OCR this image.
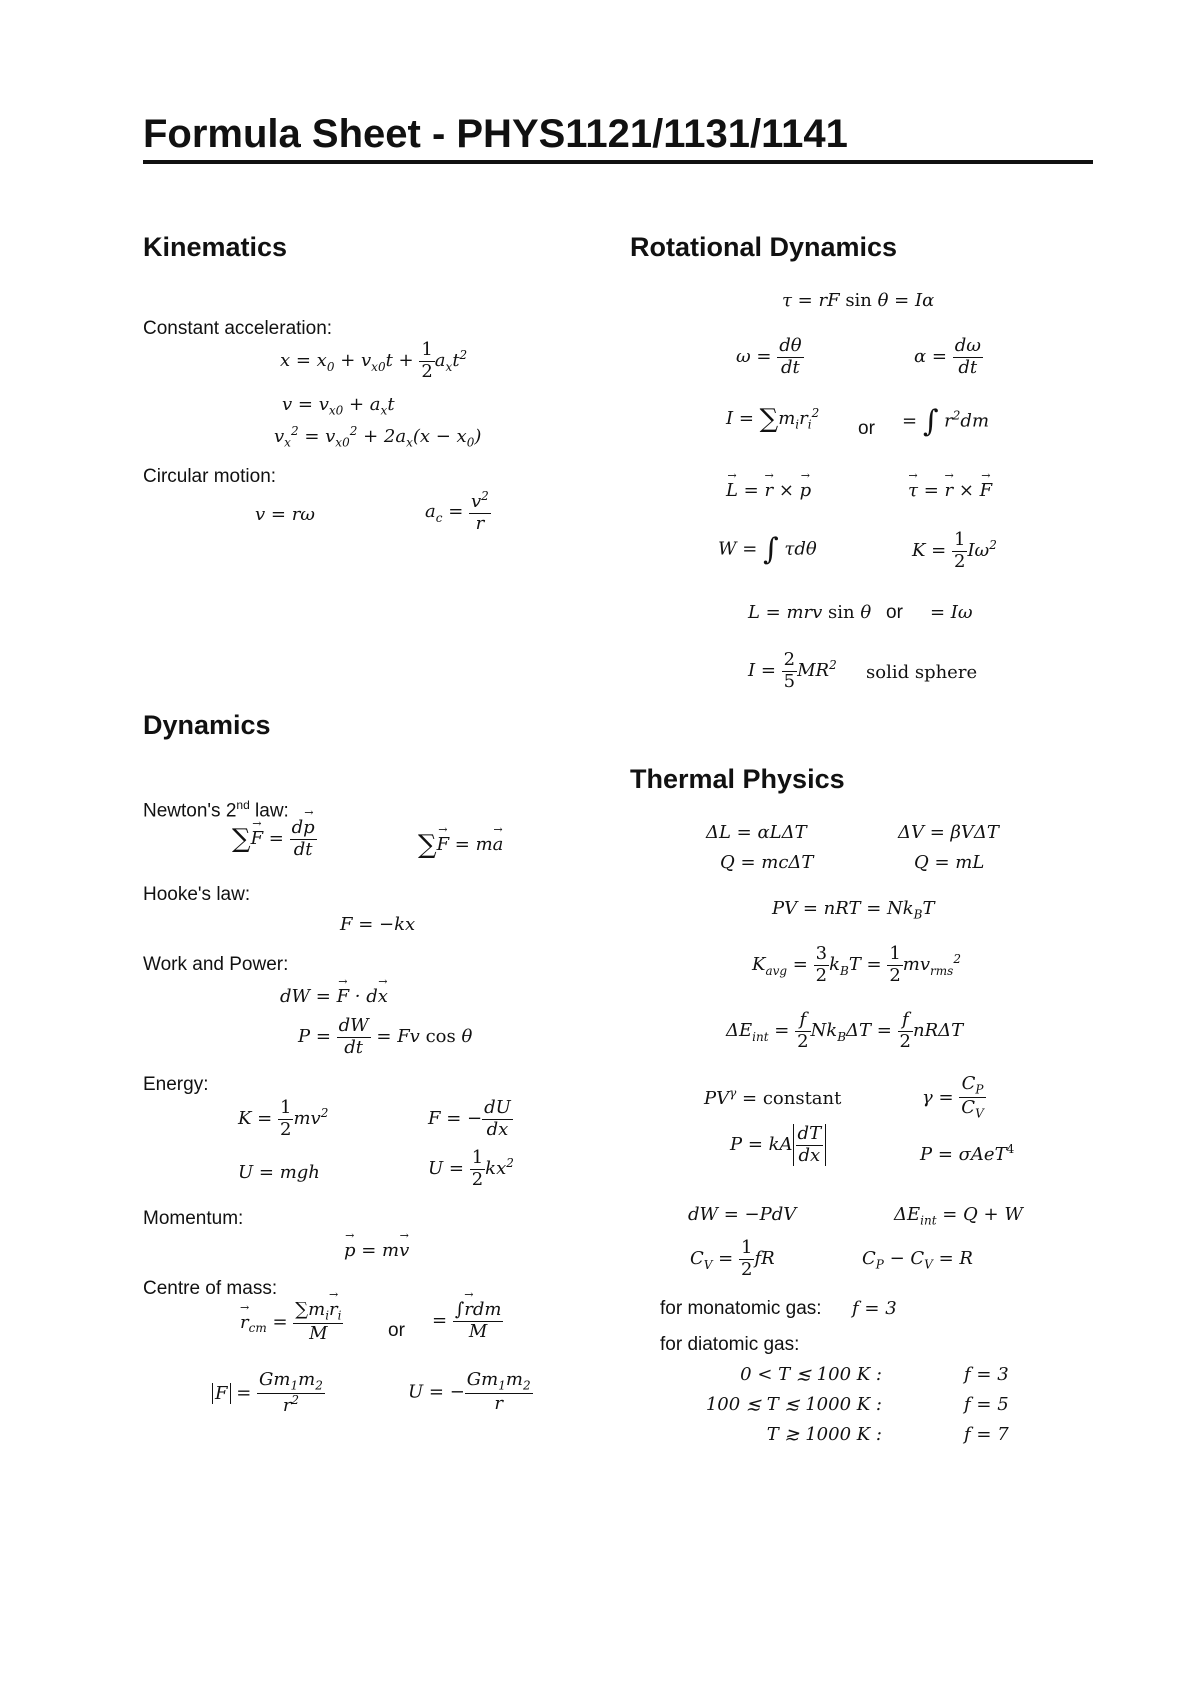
Formula Sheet - PHYS1121/1131/1141
Kinematics
Constant acceleration:
$x = x_0 + v_{x0}t + \frac{1}{2} a_xt^2$
$v = v_{x0} + a_xt$
$v_x^2 = v_{x0}^2 + 2a_x(x - x_0)$
Circular motion:
v = rω	$a_c = \frac{v^2}{r}$
Dynamics
Newton's 2nd law:
∑→ $F = \frac{d\to p}{dt}$	∑→ F = m→ a
Hooke's law:
F = −kx
Work and Power:
dW = → F · d→ x
$P = \frac{dW}{dt} = Fv$ cos θ
Energy:
$K = \frac{1}{2} mv^2$	F = − $\frac{dU}{dx}$
U = mgh	$U = \frac{1}{2} kx^2$
Momentum:
→ p = m→ v
Centre of mass:
→ $r_{cm} = \frac{\sum m_i\to r_i}{M}$ or = $\frac{\text{∫→ rdm}}{M}$
$F = \frac{Gm_1m_2}{r^2}$	U = − $\frac{Gm_1m_2}{r}$
Rotational Dynamics
τ = rF sin θ = Iα
$\omega = \frac{d\theta}{dt}$	$\alpha = \frac{d\omega}{dt}$
$I = \sum m_ir_i^2$
or = ∫ $r^2dm$
→ L = → r × → p
→	τ = → r × → F
W = ∫ τdθ	$K = \frac{1}{2} I\omega^2$
L = mrv sin θ or = Iω
$I = \frac{2}{5} MR^2$ solid sphere
Thermal Physics
ΔL = αLΔT	ΔV = βVΔT
Q = mcΔT	Q = mL
PV = nRT = $Nk_BT$
$K_{avg} = \frac{3}{2} k_BT = \frac{1}{2} mv_{rms}^2$
$\Delta E_{int} = \frac{f}{2} Nk_B\Delta T = \frac{f}{2}$ nRΔT
$PV^\gamma$ = constant	$\gamma = \frac{C_P}{C_V}$
P = kA $\frac{dT}{dx}$	P = σAeT$^4$
dW = −PdV	$\Delta E_{int} = Q + W$
$C_V = \frac{1}{2}$ fR	$C_P - C_V = R$
for monatomic gas: f = 3
for diatomic gas:
0 < T ≲ 100 K :	f = 3
100 ≲ T ≲ 1000 K :	f = 5
T ≳ 1000 K :	f = 7
